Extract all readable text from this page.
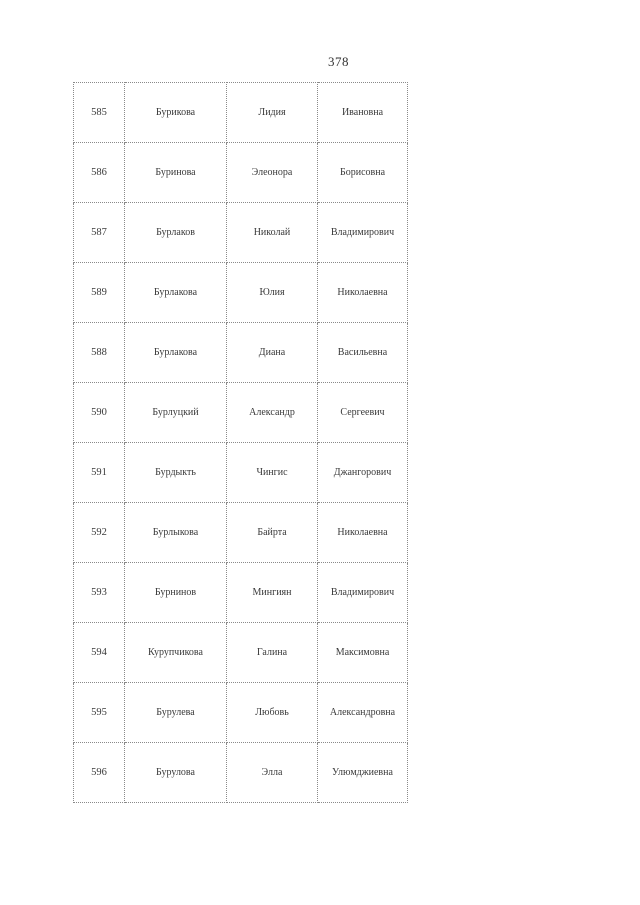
378
585	Бурикова	Лидия	Ивановна
586	Буринова	Элеонора	Борисовна
587	Бурлаков	Николай	Владимирович
589	Бурлакова	Юлия	Николаевна
588	Бурлакова	Диана	Васильевна
590	Бурлуцкий	Александр	Сергеевич
591	Бурдыкть	Чингис	Джангорович
592	Бурлыкова	Байрта	Николаевна
593	Бурнинов	Мингиян	Владимирович
594	Курупчикова	Галина	Максимовна
595	Бурулева	Любовь	Александровна
596	Бурулова	Элла	Улюмджиевна
